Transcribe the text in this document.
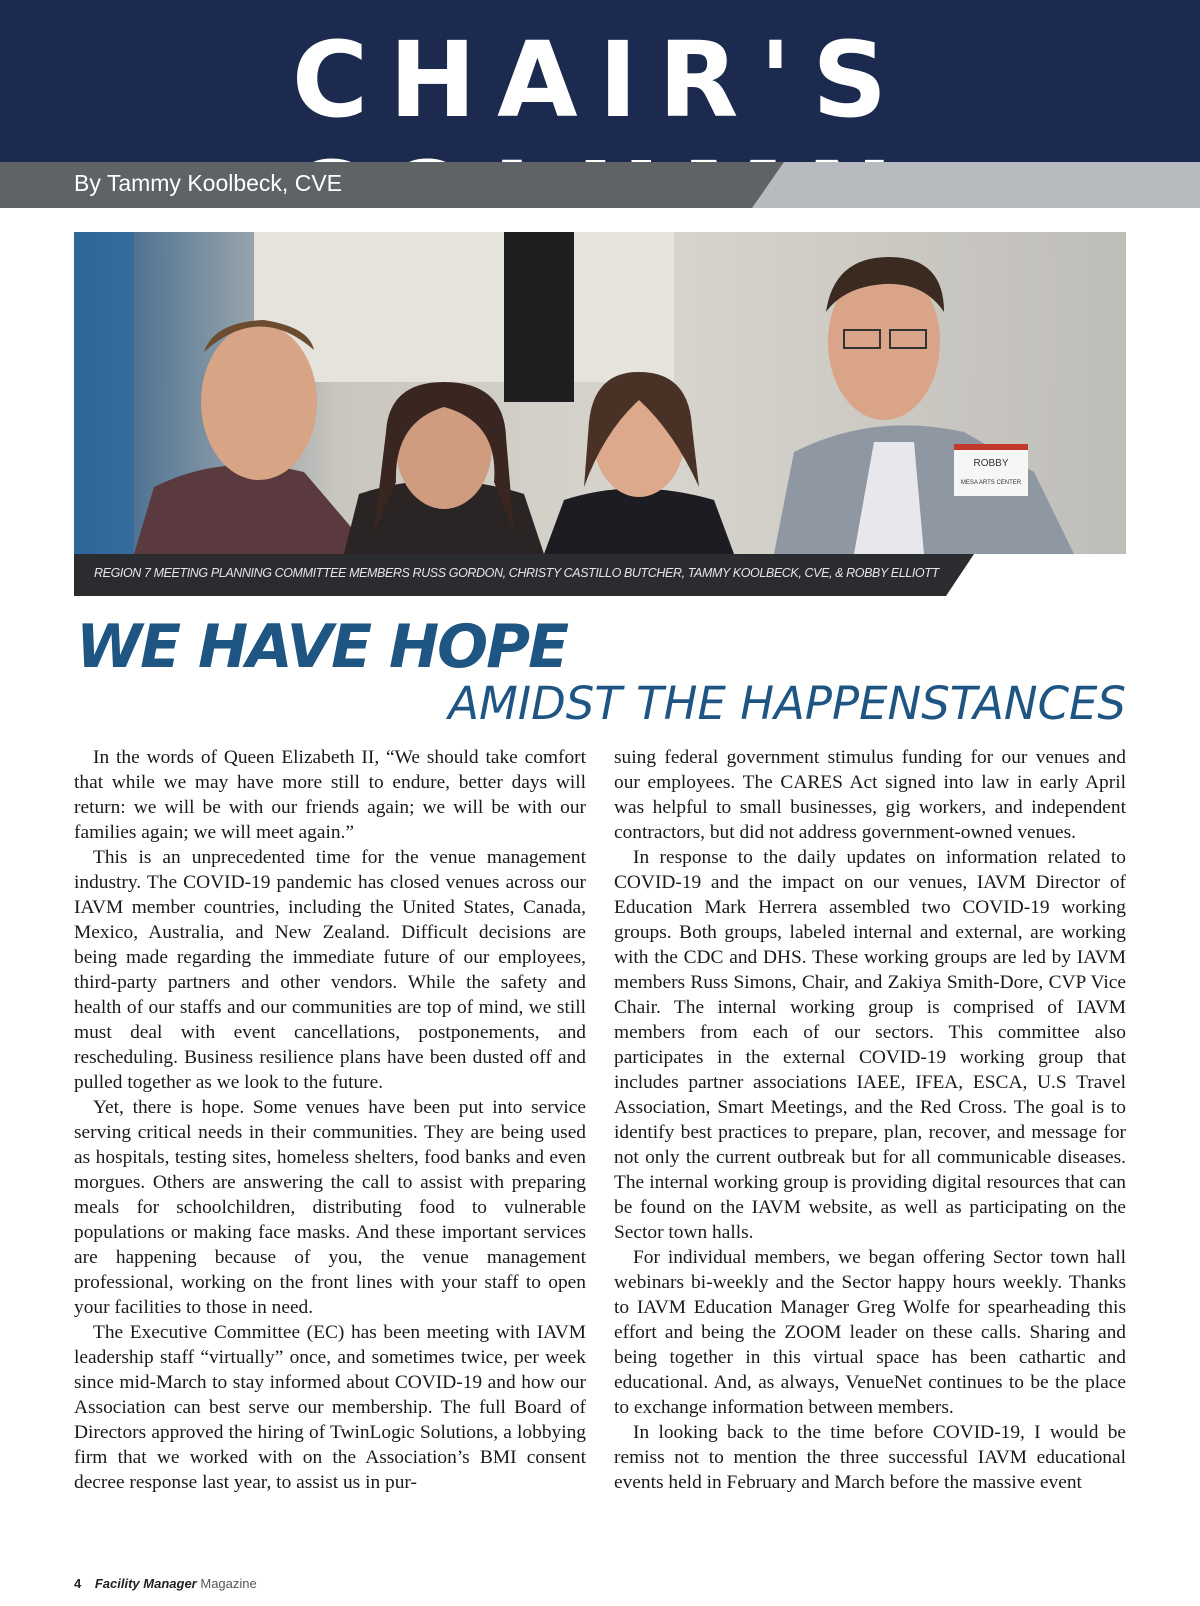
CHAIR'S
By Tammy Koolbeck, CVE
ROBBY
MESA ARTS CENTER
REGION 7 MEETING PLANNING COMMITTEE MEMBERS RUSS GORDON, CHRISTY CASTILLO BUTCHER, TAMMY KOOLBECK, CVE, & ROBBY ELLIOTT
WE HAVE HOPE
AMIDST THE HAPPENSTANCES

In the words of Queen Elizabeth II, “We should take comfort that while we may have more still to endure, better days will return: we will be with our friends again; we will be with our families again; we will meet again.”

This is an unprecedented time for the venue management industry. The COVID-19 pandemic has closed venues across our IAVM member countries, including the United States, Canada, Mexico, Australia, and New Zealand. Difficult decisions are being made regarding the immediate future of our employees, third-party partners and other vendors. While the safety and health of our staffs and our communities are top of mind, we still must deal with event cancellations, postponements, and rescheduling. Business resilience plans have been dusted off and pulled together as we look to the future.

Yet, there is hope. Some venues have been put into service serving critical needs in their communities. They are being used as hospitals, testing sites, homeless shelters, food banks and even morgues. Others are answering the call to assist with preparing meals for schoolchildren, distributing food to vulnerable populations or making face masks. And these important services are happening because of you, the venue management professional, working on the front lines with your staff to open your facilities to those in need.

The Executive Committee (EC) has been meeting with IAVM leadership staff “virtually” once, and sometimes twice, per week since mid-March to stay informed about COVID-19 and how our Association can best serve our membership. The full Board of Directors approved the hiring of TwinLogic Solutions, a lobbying firm that we worked with on the Association’s BMI consent decree response last year, to assist us in pur-

suing federal government stimulus funding for our venues and our employees. The CARES Act signed into law in early April was helpful to small businesses, gig workers, and independent contractors, but did not address government-owned venues.

In response to the daily updates on information related to COVID-19 and the impact on our venues, IAVM Director of Education Mark Herrera assembled two COVID-19 working groups. Both groups, labeled internal and external, are working with the CDC and DHS. These working groups are led by IAVM members Russ Simons, Chair, and Zakiya Smith-Dore, CVP Vice Chair. The internal working group is comprised of IAVM members from each of our sectors. This committee also participates in the external COVID-19 working group that includes partner associations IAEE, IFEA, ESCA, U.S Travel Association, Smart Meetings, and the Red Cross. The goal is to identify best practices to prepare, plan, recover, and message for not only the current outbreak but for all communicable diseases. The internal working group is providing digital resources that can be found on the IAVM website, as well as participating on the Sector town halls.

For individual members, we began offering Sector town hall webinars bi-weekly and the Sector happy hours weekly. Thanks to IAVM Education Manager Greg Wolfe for spearheading this effort and being the ZOOM leader on these calls. Sharing and being together in this virtual space has been cathartic and educational. And, as always, VenueNet continues to be the place to exchange information between members.

In looking back to the time before COVID-19, I would be remiss not to mention the three successful IAVM educational events held in February and March before the massive event

4 Facility Manager Magazine
